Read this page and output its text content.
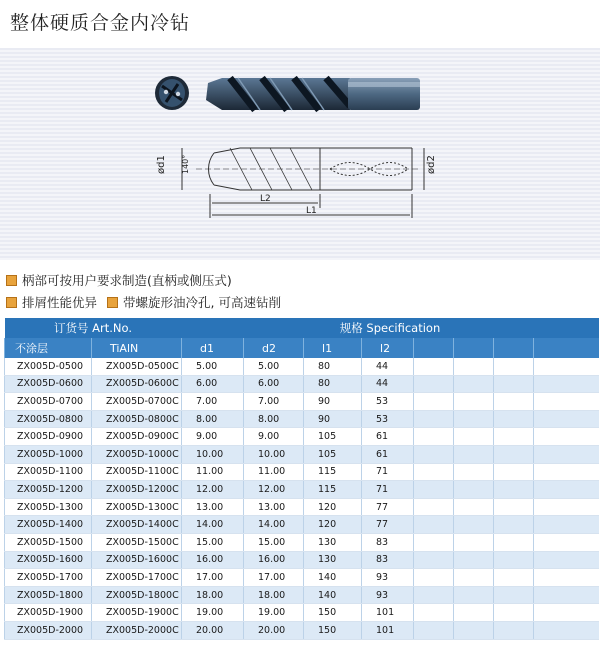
整体硬质合金内冷钻
ød1 140°	ød2
L2
L1
柄部可按用户要求制造(直柄或侧压式)
排屑性能优异
带螺旋形油冷孔, 可高速钻削
订货号 Art.No.		规格 Specification							
不涂层	TiAlN	d1	d2	l1	l2				
ZX005D-0500	ZX005D-0500C	5.00	5.00	80	44				
ZX005D-0600	ZX005D-0600C	6.00	6.00	80	44				
ZX005D-0700	ZX005D-0700C	7.00	7.00	90	53				
ZX005D-0800	ZX005D-0800C	8.00	8.00	90	53				
ZX005D-0900	ZX005D-0900C	9.00	9.00	105	61				
ZX005D-1000	ZX005D-1000C	10.00	10.00	105	61				
ZX005D-1100	ZX005D-1100C	11.00	11.00	115	71				
ZX005D-1200	ZX005D-1200C	12.00	12.00	115	71				
ZX005D-1300	ZX005D-1300C	13.00	13.00	120	77				
ZX005D-1400	ZX005D-1400C	14.00	14.00	120	77				
ZX005D-1500	ZX005D-1500C	15.00	15.00	130	83				
ZX005D-1600	ZX005D-1600C	16.00	16.00	130	83				
ZX005D-1700	ZX005D-1700C	17.00	17.00	140	93				
ZX005D-1800	ZX005D-1800C	18.00	18.00	140	93				
ZX005D-1900	ZX005D-1900C	19.00	19.00	150	101				
ZX005D-2000	ZX005D-2000C	20.00	20.00	150	101				
